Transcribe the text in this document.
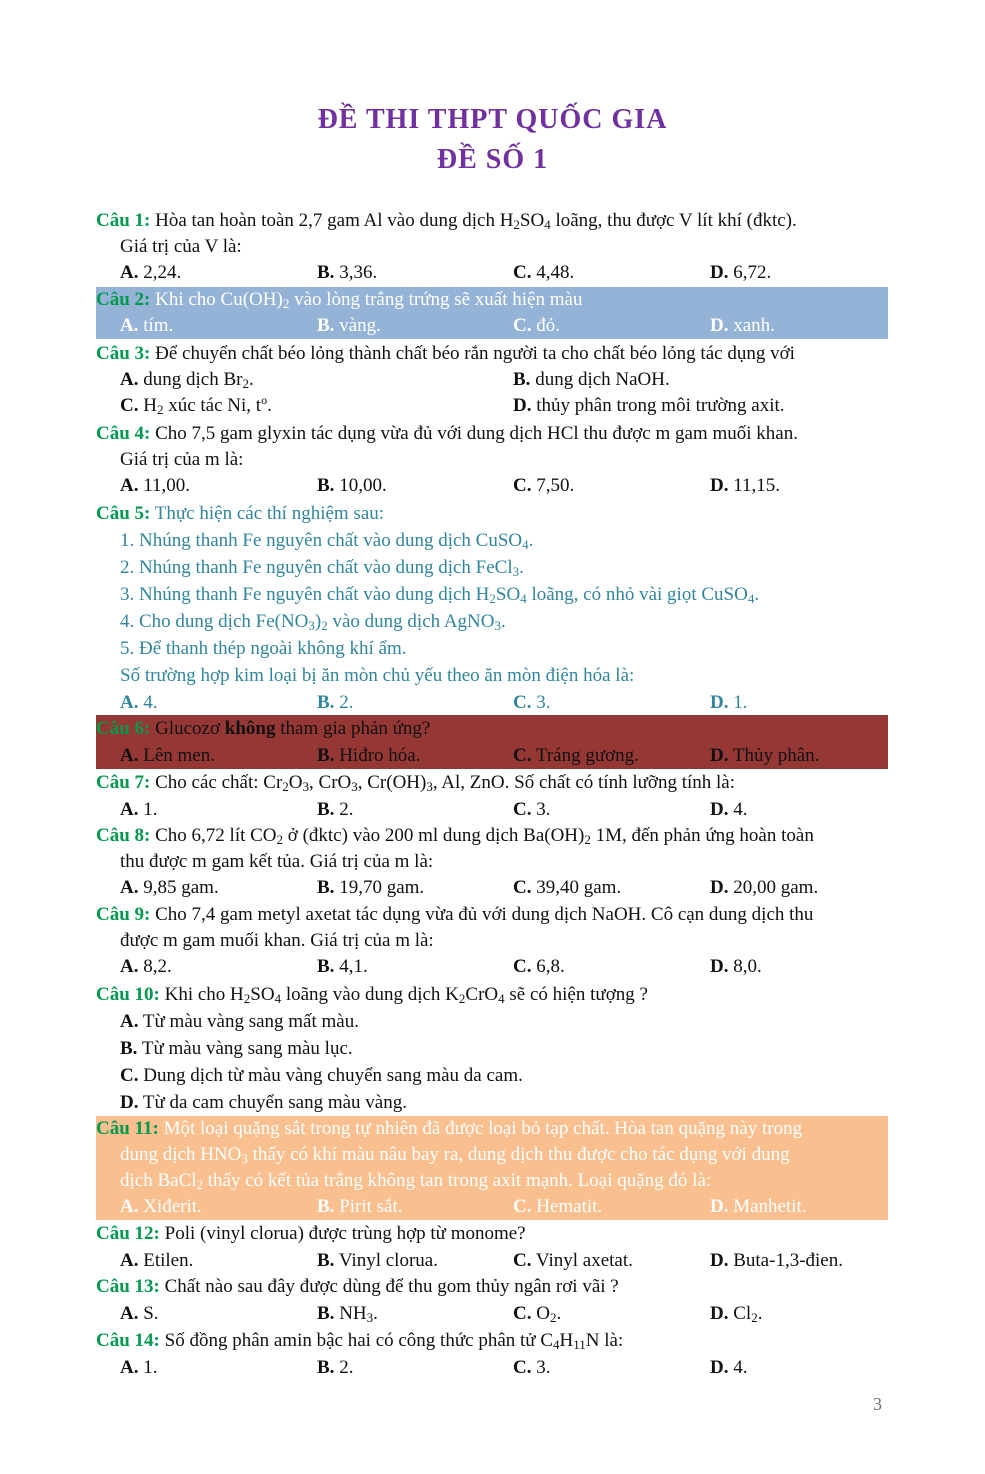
ĐỀ THI THPT QUỐC GIA
ĐỀ SỐ 1
Câu 1: Hòa tan hoàn toàn 2,7 gam Al vào dung dịch $H_2SO_4$ loãng, thu được V lít khí (đktc).
Giá trị của V là:
A. 2,24.	B. 3,36.	C. 4,48.	D. 6,72.
Câu 2: Khi cho $Cu(OH)_2$ vào lòng trắng trứng sẽ xuất hiện màu
A. tím.	B. vàng.	C. đỏ.	D. xanh.
Câu 3: Để chuyển chất béo lỏng thành chất béo rắn người ta cho chất béo lỏng tác dụng với
A. dung dịch $Br_2$.	B. dung dịch NaOH.
C. $H_2$ xúc tác Ni, $t^o$.	D. thủy phân trong môi trường axit.
Câu 4: Cho 7,5 gam glyxin tác dụng vừa đủ với dung dịch HCl thu được m gam muối khan.
Giá trị của m là:
A. 11,00.	B. 10,00.	C. 7,50.	D. 11,15.
Câu 5: Thực hiện các thí nghiệm sau:
1. Nhúng thanh Fe nguyên chất vào dung dịch CuSO$_4$.
2. Nhúng thanh Fe nguyên chất vào dung dịch FeCl$_3$.
3. Nhúng thanh Fe nguyên chất vào dung dịch $H_2SO_4$ loãng, có nhỏ vài giọt CuSO$_4$.
4. Cho dung dịch $Fe(NO_3)_2$ vào dung dịch AgNO$_3$.
5. Để thanh thép ngoài không khí ẩm.
Số trường hợp kim loại bị ăn mòn chủ yếu theo ăn mòn điện hóa là:
A. 4.	B. 2.	C. 3.	D. 1.
Câu 6: Glucozơ không tham gia phản ứng?
A. Lên men.	B. Hiđro hóa.	C. Tráng gương.	D. Thủy phân.
Câu 7: Cho các chất: $Cr_2O_3$, CrO$_3$, $Cr(OH)_3$, Al, ZnO. Số chất có tính lưỡng tính là:
A. 1.	B. 2.	C. 3.	D. 4.
Câu 8: Cho 6,72 lít $CO_2$ ở (đktc) vào 200 ml dung dịch $Ba(OH)_2$ 1M, đến phản ứng hoàn toàn
thu được m gam kết tủa. Giá trị của m là:
A. 9,85 gam.	B. 19,70 gam.	C. 39,40 gam.	D. 20,00 gam.
Câu 9: Cho 7,4 gam metyl axetat tác dụng vừa đủ với dung dịch NaOH. Cô cạn dung dịch thu
được m gam muối khan. Giá trị của m là:
A. 8,2.	B. 4,1.	C. 6,8.	D. 8,0.
Câu 10: Khi cho $H_2SO_4$ loãng vào dung dịch $K_2CrO_4$ sẽ có hiện tượng ?
A. Từ màu vàng sang mất màu.
B. Từ màu vàng sang màu lục.
C. Dung dịch từ màu vàng chuyển sang màu da cam.
D. Từ da cam chuyển sang màu vàng.
Câu 11: Một loại quặng sắt trong tự nhiên đã được loại bỏ tạp chất. Hòa tan quặng này trong
dung dịch $HNO_3$ thấy có khí màu nâu bay ra, dung dịch thu được cho tác dụng với dung
dịch BaCl$_2$ thấy có kết tủa trắng không tan trong axit mạnh. Loại quặng đó là:
A. Xiđerit.	B. Pirit sắt.	C. Hematit.	D. Manhetit.
Câu 12: Poli (vinyl clorua) được trùng hợp từ monome?
A. Etilen.	B. Vinyl clorua.	C. Vinyl axetat.	D. Buta-1,3-đien.
Câu 13: Chất nào sau đây được dùng để thu gom thủy ngân rơi vãi ?
A. S.	B. $NH_3$.	C. $O_2$.	D. $Cl_2$.
Câu 14: Số đồng phân amin bậc hai có công thức phân tử $C_4H_{11}N$ là:
A. 1.	B. 2.	C. 3.	D. 4.
3
